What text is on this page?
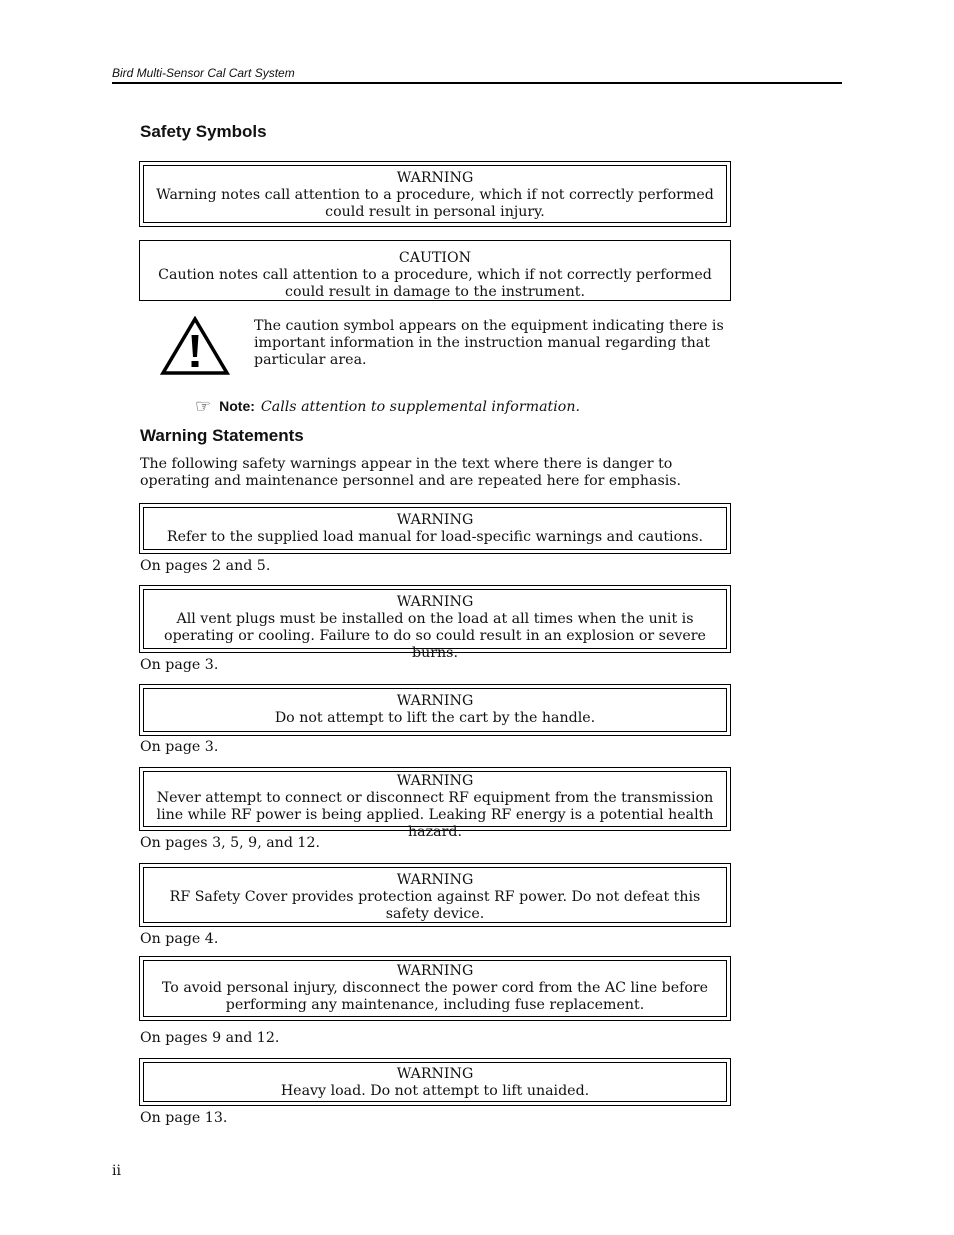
Bird Multi-Sensor Cal Cart System
Safety Symbols
WARNING
Warning notes call attention to a procedure, which if not correctly performed could result in personal injury.
CAUTION
Caution notes call attention to a procedure, which if not correctly performed could result in damage to the instrument.
The caution symbol appears on the equipment indicating there is important information in the instruction manual regarding that particular area.
☞ Note: Calls attention to supplemental information.
Warning Statements
The following safety warnings appear in the text where there is danger to operating and maintenance personnel and are repeated here for emphasis.
WARNING
Refer to the supplied load manual for load-specific warnings and cautions.
On pages 2 and 5.
WARNING
All vent plugs must be installed on the load at all times when the unit is operating or cooling. Failure to do so could result in an explosion or severe burns.
On page 3.
WARNING
Do not attempt to lift the cart by the handle.
On page 3.
WARNING
Never attempt to connect or disconnect RF equipment from the transmission line while RF power is being applied. Leaking RF energy is a potential health hazard.
On pages 3, 5, 9, and 12.
WARNING
RF Safety Cover provides protection against RF power. Do not defeat this safety device.
On page 4.
WARNING
To avoid personal injury, disconnect the power cord from the AC line before performing any maintenance, including fuse replacement.
On pages 9 and 12.
WARNING
Heavy load. Do not attempt to lift unaided.
On page 13.
ii
